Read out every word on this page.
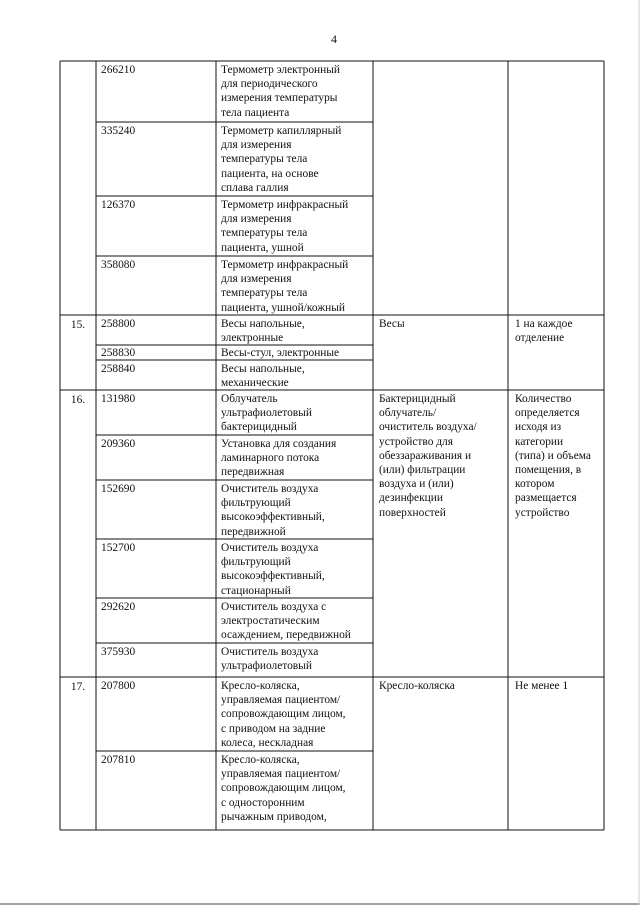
4
15.
16.
17.
266210
335240
126370
358080
258800
258830
258840
131980
209360
152690
152700
292620
375930
207800
207810
Термометр электронный
для периодического
измерения температуры
тела пациента
Термометр капиллярный
для измерения
температуры тела
пациента, на основе
сплава галлия
Термометр инфракрасный
для измерения
температуры тела
пациента, ушной
Термометр инфракрасный
для измерения
температуры тела
пациента, ушной/кожный
Весы напольные,
электронные
Весы-стул, электронные
Весы напольные,
механические
Облучатель
ультрафиолетовый
бактерицидный
Установка для создания
ламинарного потока
передвижная
Очиститель воздуха
фильтрующий
высокоэффективный,
передвижной
Очиститель воздуха
фильтрующий
высокоэффективный,
стационарный
Очиститель воздуха с
электростатическим
осаждением, передвижной
Очиститель воздуха
ультрафиолетовый
Кресло-коляска,
управляемая пациентом/
сопровождающим лицом,
с приводом на задние
колеса, нескладная
Кресло-коляска,
управляемая пациентом/
сопровождающим лицом,
с односторонним
рычажным приводом,
Весы
Бактерицидный
облучатель/
очиститель воздуха/
устройство для
обеззараживания и
(или) фильтрации
воздуха и (или)
дезинфекции
поверхностей
Кресло-коляска
1 на каждое
отделение
Количество
определяется
исходя из
категории
(типа) и объема
помещения, в
котором
размещается
устройство
Не менее 1
